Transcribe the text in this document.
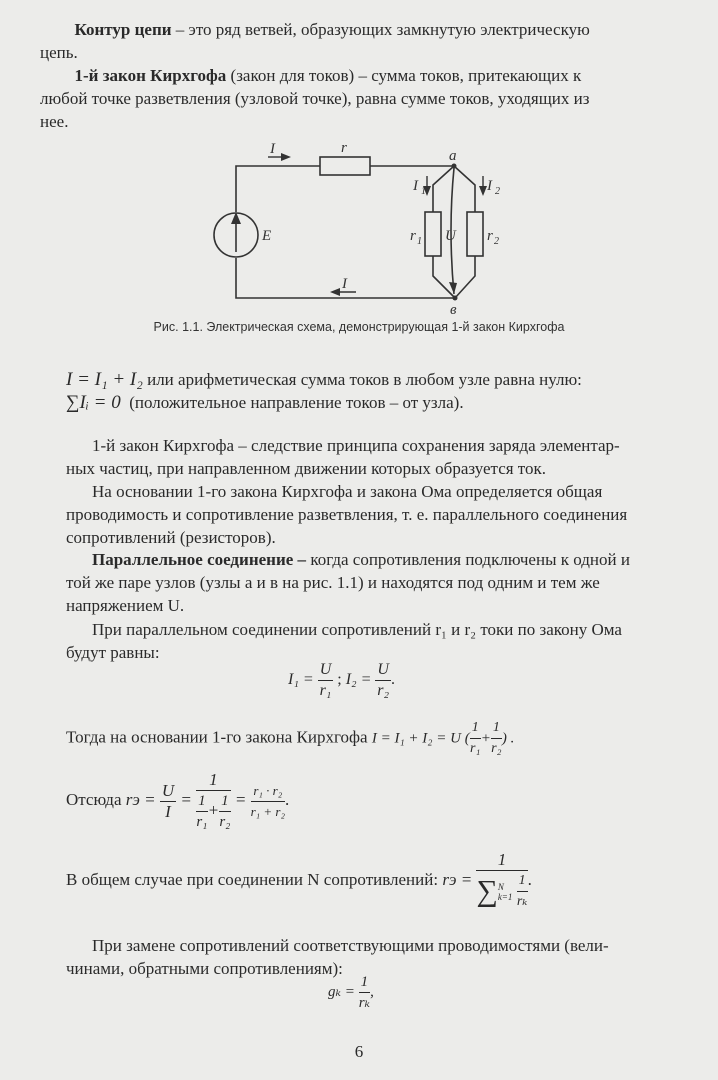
Контур цепи – это ряд ветвей, образующих замкнутую электрическую
цепь.

1-й закон Кирхгофа (закон для токов) – сумма токов, притекающих к
любой точке разветвления (узловой точке), равна сумме токов, уходящих из
нее.

I	r	a
I 1	I 2
E	r 1 U r 2
I
в
Рис. 1.1. Электрическая схема, демонстрирующая 1-й закон Кирхгофа
I = I₁ + I₂ или арифметическая сумма токов в любом узле равна нулю:
∑Iᵢ = 0 (положительное направление токов – от узла).

1-й закон Кирхгофа – следствие принципа сохранения заряда элементар-
ных частиц, при направленном движении которых образуется ток.

На основании 1-го закона Кирхгофа и закона Ома определяется общая
проводимость и сопротивление разветвления, т. е. параллельного соединения
сопротивлений (резисторов).

Параллельное соединение – когда сопротивления подключены к одной и
той же паре узлов (узлы а и в на рис. 1.1) и находятся под одним и тем же
напряжением U.

При параллельном соединении сопротивлений r₁ и r₂ токи по закону Ома
будут равны:

$I_1 = \frac{U}{\text{r₁}}$ ; $I_2 = \frac{U}{\text{r₂}}$ .
Тогда на основании 1-го закона Кирхгофа I = I₁ + I₂ = U ( $\frac{1}{\text{r₁}} + \frac{1}{\text{r₂}}$ ) .
Отсюда rэ = $\frac{U}{I} = \frac{1}{\frac{1}{\text{r₁}} + \frac{1}{\text{r₂}}} = \frac{\text{r₁ · r₂}}{\text{r₁ + r₂}}$ .
В общем случае при соединении N сопротивлений: rэ =
1
∑N
$k=1 \frac{1}{\text{rₖ}}$ .

При замене сопротивлений соответствующими проводимостями (вели-
чинами, обратными сопротивлениям):

$g_k = \frac{1}{\text{rₖ}}$ ,
6
